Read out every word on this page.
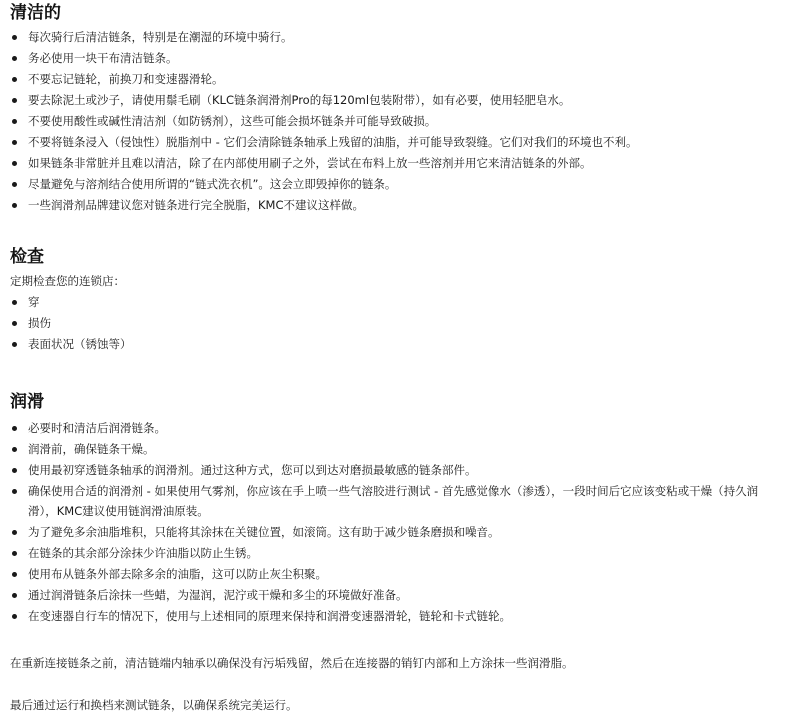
清洁的
每次骑行后清洁链条，特别是在潮湿的环境中骑行。
务必使用一块干布清洁链条。
不要忘记链轮，前换刀和变速器滑轮。
要去除泥土或沙子，请使用鬃毛刷（KLC链条润滑剂Pro的每120ml包装附带），如有必要，使用轻肥皂水。
不要使用酸性或碱性清洁剂（如防锈剂），这些可能会损坏链条并可能导致破损。
不要将链条浸入（侵蚀性）脱脂剂中 - 它们会清除链条轴承上残留的油脂，并可能导致裂缝。它们对我们的环境也不利。
如果链条非常脏并且难以清洁，除了在内部使用刷子之外，尝试在布料上放一些溶剂并用它来清洁链条的外部。
尽量避免与溶剂结合使用所谓的“链式洗衣机”。这会立即毁掉你的链条。
一些润滑剂品牌建议您对链条进行完全脱脂，KMC不建议这样做。
检查
定期检查您的连锁店：
穿
损伤
表面状况（锈蚀等）
润滑
必要时和清洁后润滑链条。
润滑前，确保链条干燥。
使用最初穿透链条轴承的润滑剂。通过这种方式，您可以到达对磨损最敏感的链条部件。
确保使用合适的润滑剂 - 如果使用气雾剂，你应该在手上喷一些气溶胶进行测试 - 首先感觉像水（渗透），一段时间后它应该变粘或干燥（持久润滑），KMC建议使用链润滑油原装。
为了避免多余油脂堆积，只能将其涂抹在关键位置，如滚筒。这有助于减少链条磨损和噪音。
在链条的其余部分涂抹少许油脂以防止生锈。
使用布从链条外部去除多余的油脂，这可以防止灰尘积聚。
通过润滑链条后涂抹一些蜡，为湿润，泥泞或干燥和多尘的环境做好准备。
在变速器自行车的情况下，使用与上述相同的原理来保持和润滑变速器滑轮，链轮和卡式链轮。

在重新连接链条之前，清洁链端内轴承以确保没有污垢残留，然后在连接器的销钉内部和上方涂抹一些润滑脂。

最后通过运行和换档来测试链条，以确保系统完美运行。
